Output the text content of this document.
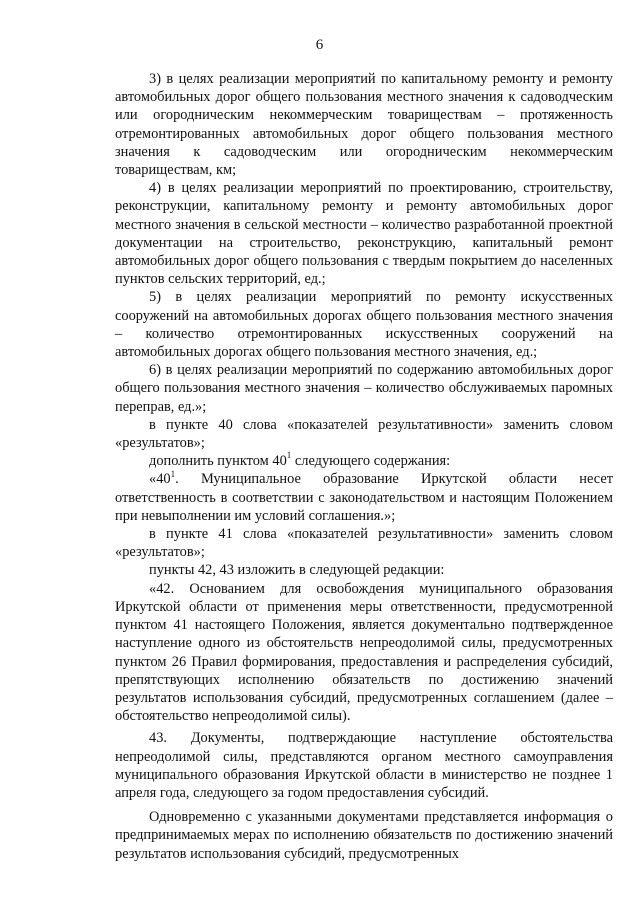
6

3) в целях реализации мероприятий по капитальному ремонту и ремонту автомобильных дорог общего пользования местного значения к садоводческим или огородническим некоммерческим товариществам – протяженность отремонтированных автомобильных дорог общего пользования местного значения к садоводческим или огородническим некоммерческим товариществам, км;

4) в целях реализации мероприятий по проектированию, строительству, реконструкции, капитальному ремонту и ремонту автомобильных дорог местного значения в сельской местности – количество разработанной проектной документации на строительство, реконструкцию, капитальный ремонт автомобильных дорог общего пользования с твердым покрытием до населенных пунктов сельских территорий, ед.;

5) в целях реализации мероприятий по ремонту искусственных сооружений на автомобильных дорогах общего пользования местного значения – количество отремонтированных искусственных сооружений на автомобильных дорогах общего пользования местного значения, ед.;

6) в целях реализации мероприятий по содержанию автомобильных дорог общего пользования местного значения – количество обслуживаемых паромных переправ, ед.»;

в пункте 40 слова «показателей результативности» заменить словом «результатов»;

дополнить пунктом $40^1$ следующего содержания:

«$40^1$. Муниципальное образование Иркутской области несет ответственность в соответствии с законодательством и настоящим Положением при невыполнении им условий соглашения.»;

в пункте 41 слова «показателей результативности» заменить словом «результатов»;

пункты 42, 43 изложить в следующей редакции:

«42. Основанием для освобождения муниципального образования Иркутской области от применения меры ответственности, предусмотренной пунктом 41 настоящего Положения, является документально подтвержденное наступление одного из обстоятельств непреодолимой силы, предусмотренных пунктом 26 Правил формирования, предоставления и распределения субсидий, препятствующих исполнению обязательств по достижению значений результатов использования субсидий, предусмотренных соглашением (далее – обстоятельство непреодолимой силы).

43. Документы, подтверждающие наступление обстоятельства непреодолимой силы, представляются органом местного самоуправления муниципального образования Иркутской области в министерство не позднее 1 апреля года, следующего за годом предоставления субсидий.

Одновременно с указанными документами представляется информация о предпринимаемых мерах по исполнению обязательств по достижению значений результатов использования субсидий, предусмотренных
